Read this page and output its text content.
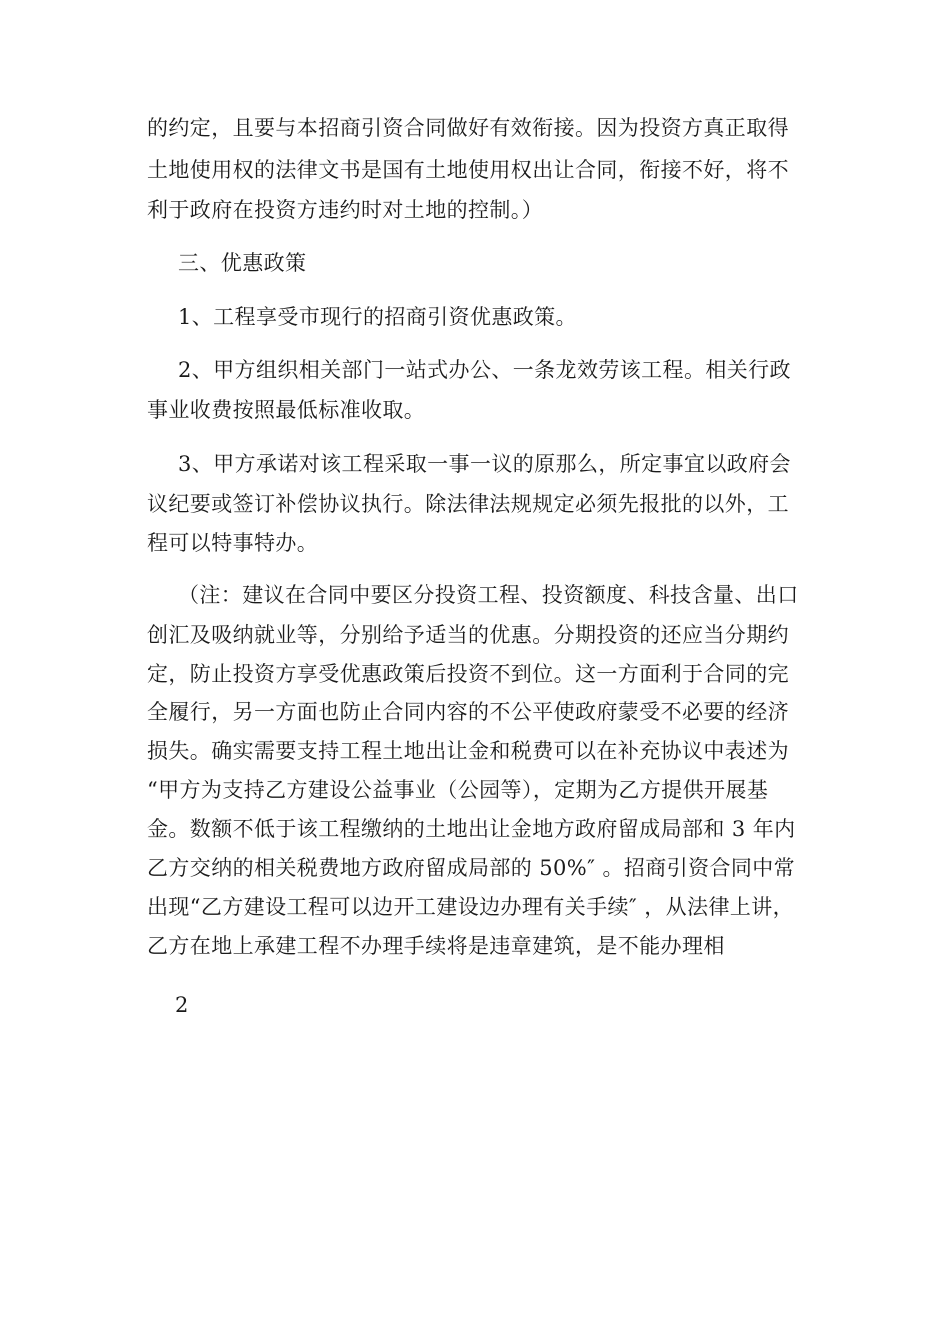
的约定，且要与本招商引资合同做好有效衔接。因为投资方真正取得
土地使用权的法律文书是国有土地使用权出让合同，衔接不好，将不
利于政府在投资方违约时对土地的控制。）
三、优惠政策
1、工程享受市现行的招商引资优惠政策。
2、甲方组织相关部门一站式办公、一条龙效劳该工程。相关行政
事业收费按照最低标准收取。
3、甲方承诺对该工程采取一事一议的原那么，所定事宜以政府会
议纪要或签订补偿协议执行。除法律法规规定必须先报批的以外，工
程可以特事特办。
（注：建议在合同中要区分投资工程、投资额度、科技含量、出口
创汇及吸纳就业等，分别给予适当的优惠。分期投资的还应当分期约
定，防止投资方享受优惠政策后投资不到位。这一方面利于合同的完
全履行，另一方面也防止合同内容的不公平使政府蒙受不必要的经济
损失。确实需要支持工程土地出让金和税费可以在补充协议中表述为
“甲方为支持乙方建设公益事业（公园等），定期为乙方提供开展基
金。数额不低于该工程缴纳的土地出让金地方政府留成局部和 3 年内
乙方交纳的相关税费地方政府留成局部的 50%″ 。招商引资合同中常
出现“乙方建设工程可以边开工建设边办理有关手续″ ，从法律上讲，
乙方在地上承建工程不办理手续将是违章建筑，是不能办理相
2
